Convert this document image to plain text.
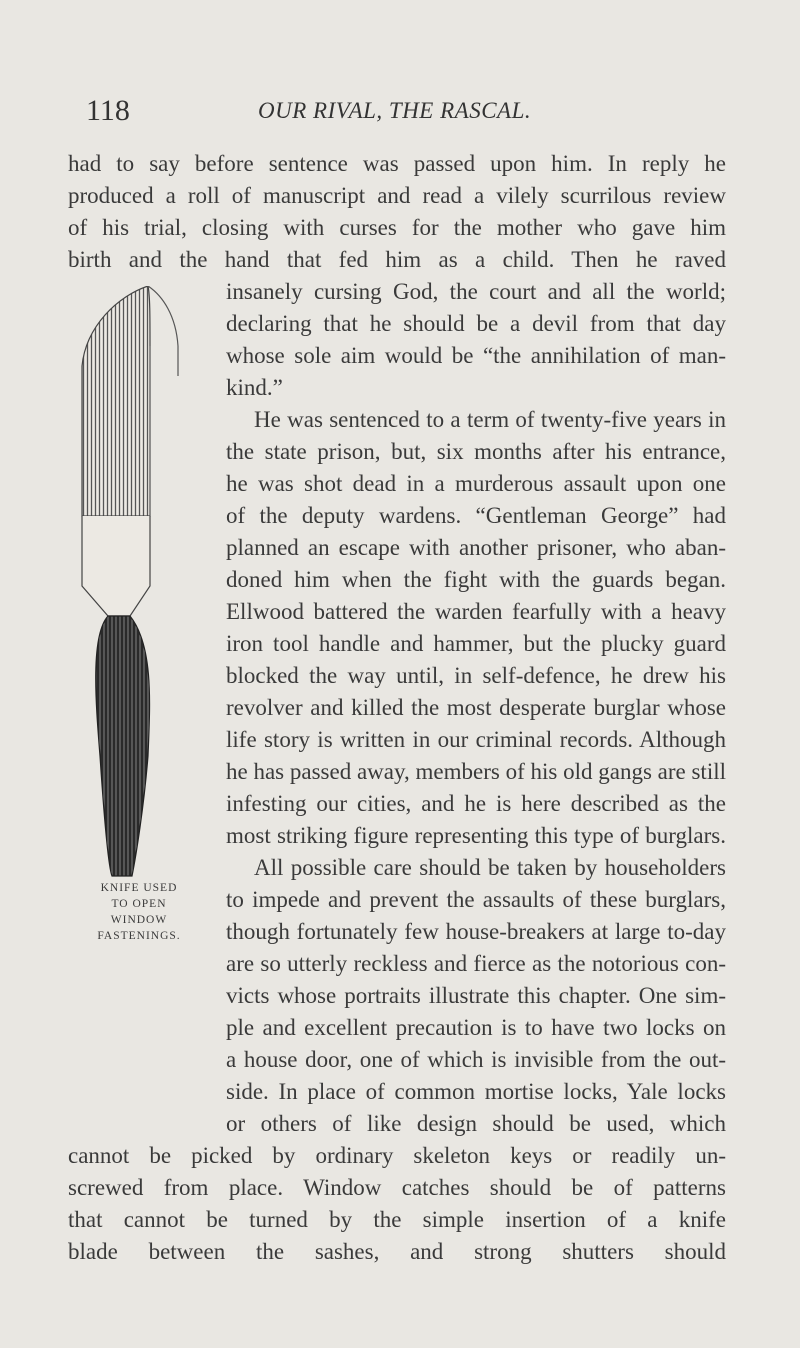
118	OUR RIVAL, THE RASCAL.
had to say before sentence was passed upon him. In reply he
produced a roll of manuscript and read a vilely scurrilous review
of his trial, closing with curses for the mother who gave him
birth and the hand that fed him as a child. Then he raved
insanely cursing God, the court and all the world;
declaring that he should be a devil from that day
whose sole aim would be “the annihilation of man-
kind.”
He was sentenced to a term of twenty-five years in
the state prison, but, six months after his entrance,
he was shot dead in a murderous assault upon one
of the deputy wardens. “Gentleman George” had
planned an escape with another prisoner, who aban-
doned him when the fight with the guards began.
Ellwood battered the warden fearfully with a heavy
iron tool handle and hammer, but the plucky guard
blocked the way until, in self-defence, he drew his
revolver and killed the most desperate burglar whose
life story is written in our criminal records. Although
he has passed away, members of his old gangs are still
infesting our cities, and he is here described as the
most striking figure representing this type of burglars.
All possible care should be taken by householders
to impede and prevent the assaults of these burglars,
though fortunately few house-breakers at large to-day
are so utterly reckless and fierce as the notorious con-
victs whose portraits illustrate this chapter. One sim-
ple and excellent precaution is to have two locks on
a house door, one of which is invisible from the out-
side. In place of common mortise locks, Yale locks
or others of like design should be used, which
cannot be picked by ordinary skeleton keys or readily un-
screwed from place. Window catches should be of patterns
that cannot be turned by the simple insertion of a knife
blade between the sashes, and strong shutters should
KNIFE USED
TO OPEN
WINDOW
FASTENINGS.
